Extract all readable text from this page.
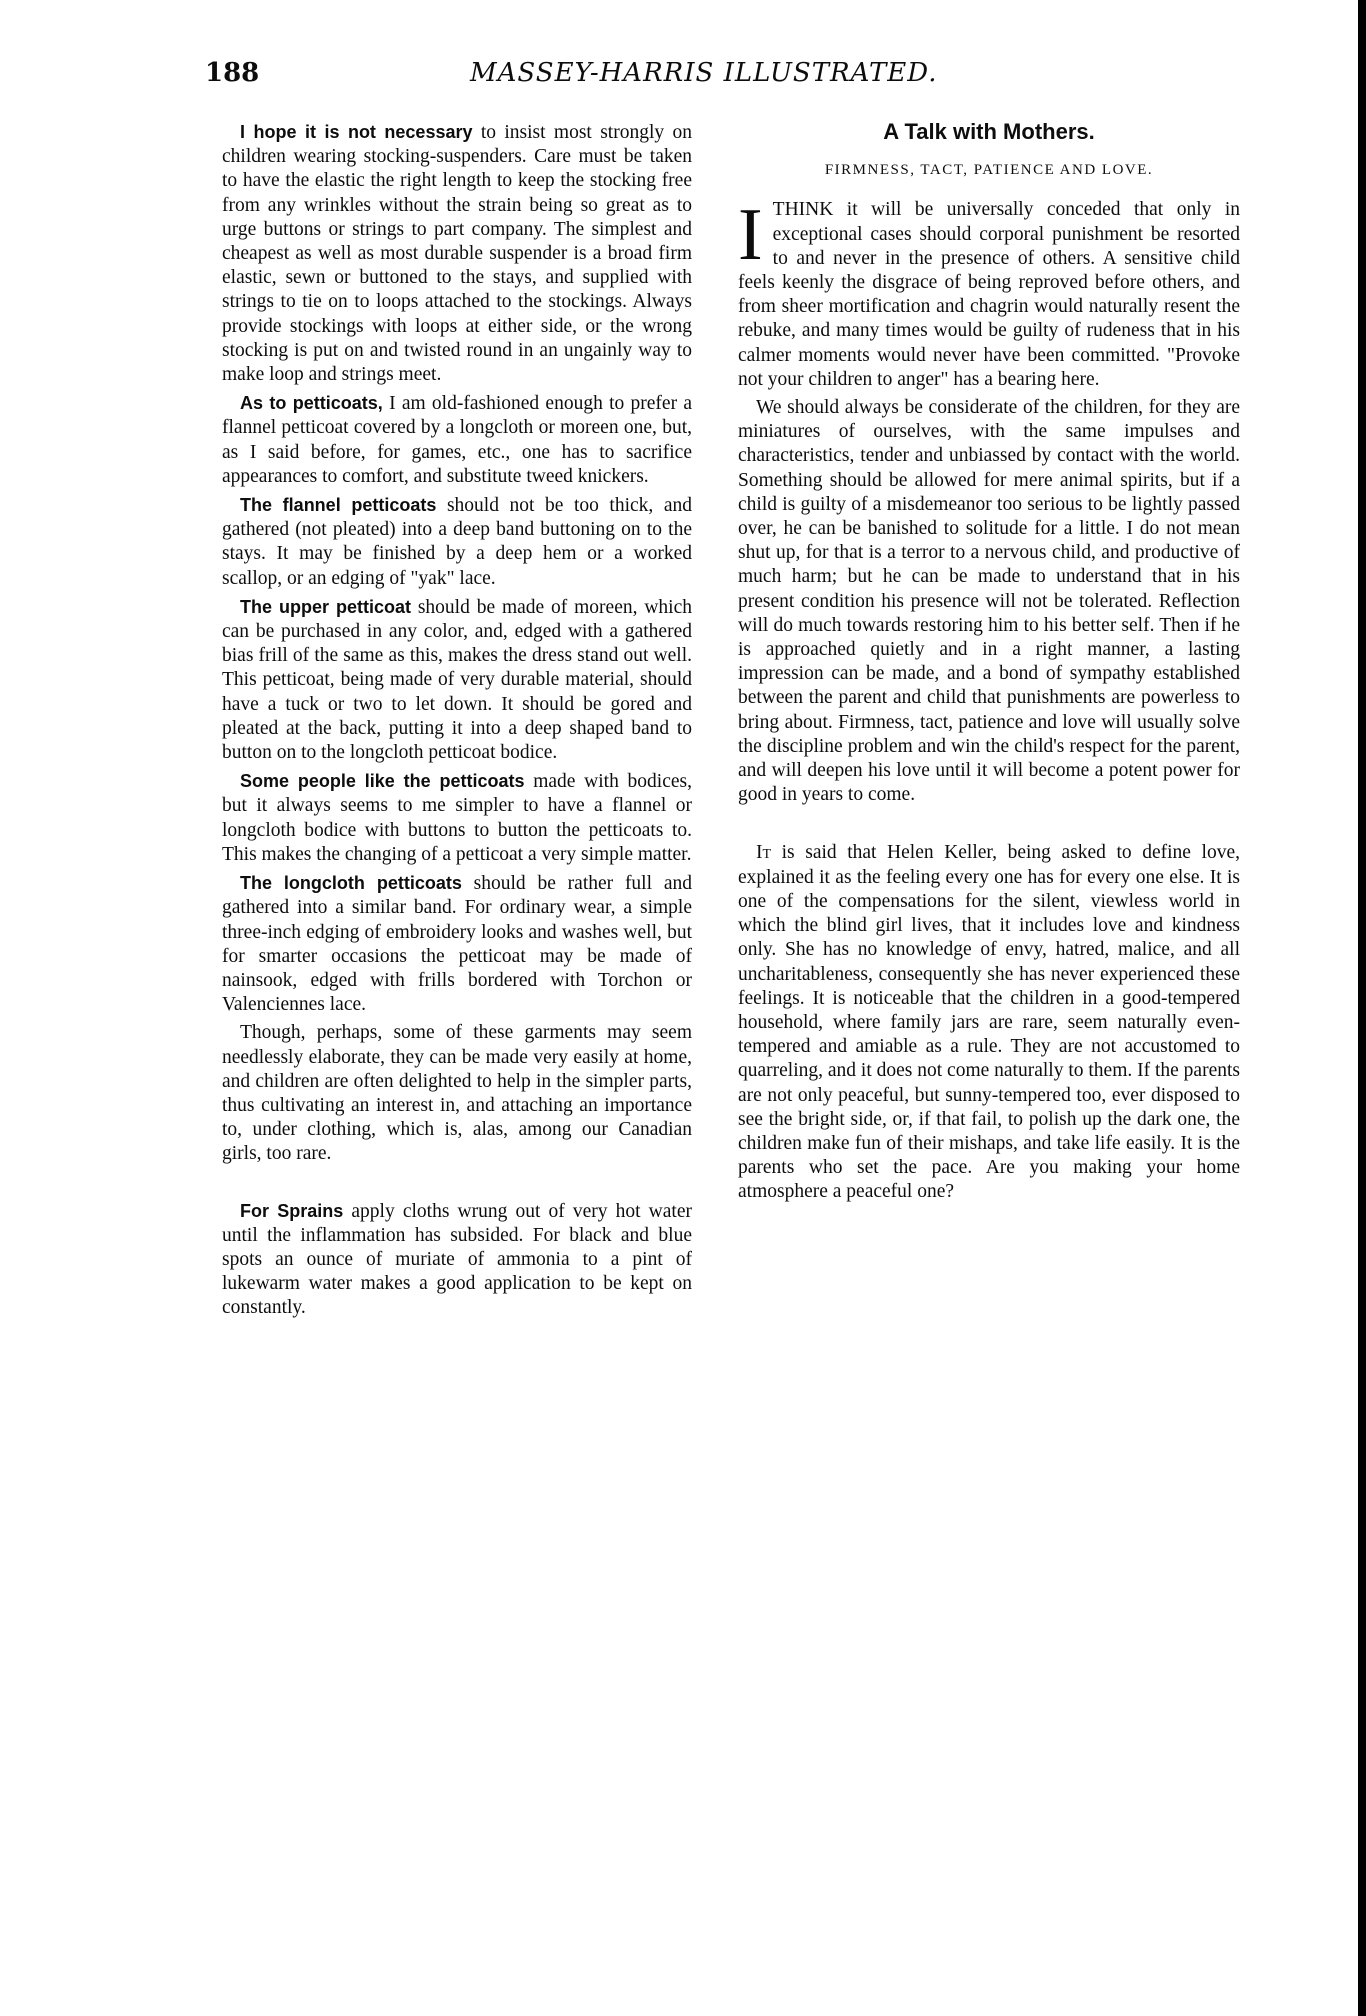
188	MASSEY-HARRIS ILLUSTRATED.

I hope it is not necessary to insist most strongly on children wearing stocking-suspenders. Care must be taken to have the elastic the right length to keep the stocking free from any wrinkles without the strain being so great as to urge buttons or strings to part company. The simplest and cheapest as well as most durable suspender is a broad firm elastic, sewn or buttoned to the stays, and supplied with strings to tie on to loops attached to the stockings. Always provide stockings with loops at either side, or the wrong stocking is put on and twisted round in an ungainly way to make loop and strings meet.

As to petticoats, I am old-fashioned enough to prefer a flannel petticoat covered by a longcloth or moreen one, but, as I said before, for games, etc., one has to sacrifice appearances to comfort, and substitute tweed knickers.

The flannel petticoats should not be too thick, and gathered (not pleated) into a deep band buttoning on to the stays. It may be finished by a deep hem or a worked scallop, or an edging of "yak" lace.

The upper petticoat should be made of moreen, which can be purchased in any color, and, edged with a gathered bias frill of the same as this, makes the dress stand out well. This petticoat, being made of very durable material, should have a tuck or two to let down. It should be gored and pleated at the back, putting it into a deep shaped band to button on to the longcloth petticoat bodice.

Some people like the petticoats made with bodices, but it always seems to me simpler to have a flannel or longcloth bodice with buttons to button the petticoats to. This makes the changing of a petticoat a very simple matter.

The longcloth petticoats should be rather full and gathered into a similar band. For ordinary wear, a simple three-inch edging of embroidery looks and washes well, but for smarter occasions the petticoat may be made of nainsook, edged with frills bordered with Torchon or Valenciennes lace.

Though, perhaps, some of these garments may seem needlessly elaborate, they can be made very easily at home, and children are often delighted to help in the simpler parts, thus cultivating an interest in, and attaching an importance to, under clothing, which is, alas, among our Canadian girls, too rare.

For Sprains apply cloths wrung out of very hot water until the inflammation has subsided. For black and blue spots an ounce of muriate of ammonia to a pint of lukewarm water makes a good application to be kept on constantly.

A Talk with Mothers.
FIRMNESS, TACT, PATIENCE AND LOVE.

ITHINK it will be universally conceded that only in exceptional cases should corporal punishment be resorted to and never in the presence of others. A sensitive child feels keenly the disgrace of being reproved before others, and from sheer mortification and chagrin would naturally resent the rebuke, and many times would be guilty of rudeness that in his calmer moments would never have been committed. "Provoke not your children to anger" has a bearing here.

We should always be considerate of the children, for they are miniatures of ourselves, with the same impulses and characteristics, tender and unbiassed by contact with the world. Something should be allowed for mere animal spirits, but if a child is guilty of a misdemeanor too serious to be lightly passed over, he can be banished to solitude for a little. I do not mean shut up, for that is a terror to a nervous child, and productive of much harm; but he can be made to understand that in his present condition his presence will not be tolerated. Reflection will do much towards restoring him to his better self. Then if he is approached quietly and in a right manner, a lasting impression can be made, and a bond of sympathy established between the parent and child that punishments are powerless to bring about. Firmness, tact, patience and love will usually solve the discipline problem and win the child's respect for the parent, and will deepen his love until it will become a potent power for good in years to come.

It is said that Helen Keller, being asked to define love, explained it as the feeling every one has for every one else. It is one of the compensations for the silent, viewless world in which the blind girl lives, that it includes love and kindness only. She has no knowledge of envy, hatred, malice, and all uncharitableness, consequently she has never experienced these feelings. It is noticeable that the children in a good-tempered household, where family jars are rare, seem naturally even-tempered and amiable as a rule. They are not accustomed to quarreling, and it does not come naturally to them. If the parents are not only peaceful, but sunny-tempered too, ever disposed to see the bright side, or, if that fail, to polish up the dark one, the children make fun of their mishaps, and take life easily. It is the parents who set the pace. Are you making your home atmosphere a peaceful one?
